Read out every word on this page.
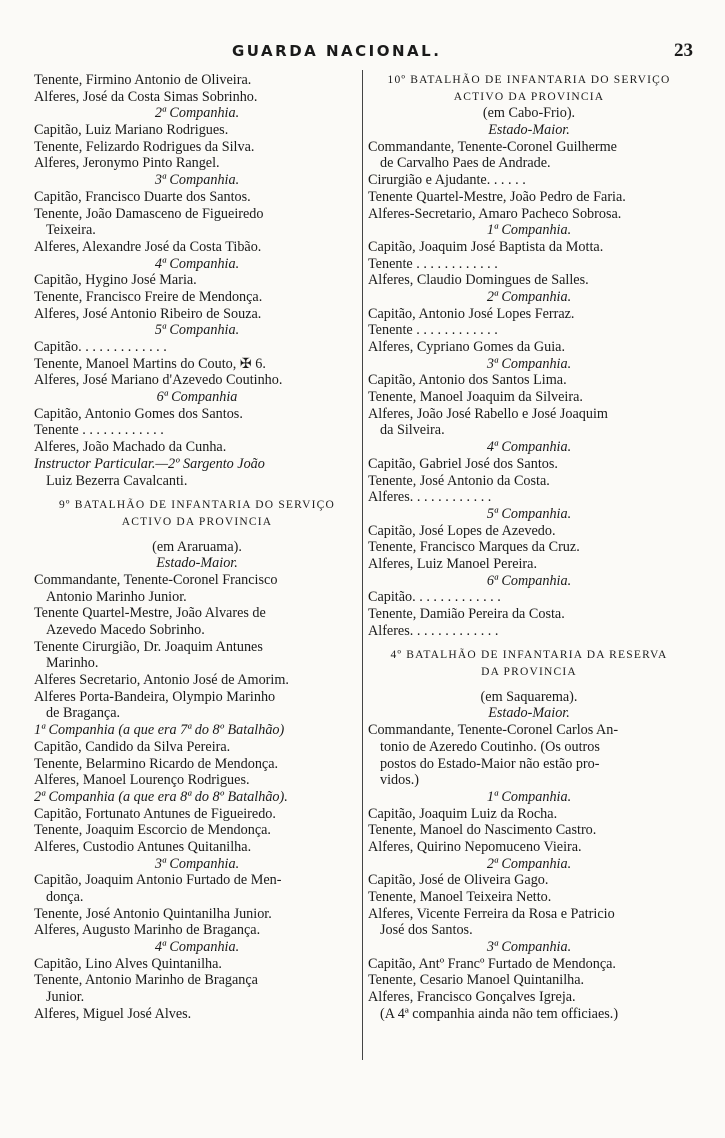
GUARDA NACIONAL.	23
Tenente, Firmino Antonio de Oliveira.
Alferes, José da Costa Simas Sobrinho.
2ª Companhia.
Capitão, Luiz Mariano Rodrigues.
Tenente, Felizardo Rodrigues da Silva.
Alferes, Jeronymo Pinto Rangel.
3ª Companhia.
Capitão, Francisco Duarte dos Santos.
Tenente, João Damasceno de Figueiredo
Teixeira.
Alferes, Alexandre José da Costa Tibão.
4ª Companhia.
Capitão, Hygino José Maria.
Tenente, Francisco Freire de Mendonça.
Alferes, José Antonio Ribeiro de Souza.
5ª Companhia.
Capitão. . . . . . . . . . . . .
Tenente, Manoel Martins do Couto, ✠ 6.
Alferes, José Mariano d'Azevedo Coutinho.
6ª Companhia
Capitão, Antonio Gomes dos Santos.
Tenente . . . . . . . . . . . .
Alferes, João Machado da Cunha.
Instructor Particular.—2º Sargento João
Luiz Bezerra Cavalcanti.
9º BATALHÃO DE INFANTARIA DO SERVIÇO
ACTIVO DA PROVINCIA
(em Araruama).
Estado-Maior.
Commandante, Tenente-Coronel Francisco
Antonio Marinho Junior.
Tenente Quartel-Mestre, João Alvares de
Azevedo Macedo Sobrinho.
Tenente Cirurgião, Dr. Joaquim Antunes
Marinho.
Alferes Secretario, Antonio José de Amorim.
Alferes Porta-Bandeira, Olympio Marinho
de Bragança.
1ª Companhia (a que era 7ª do 8º Batalhão)
Capitão, Candido da Silva Pereira.
Tenente, Belarmino Ricardo de Mendonça.
Alferes, Manoel Lourenço Rodrigues.
2ª Companhia (a que era 8ª do 8º Batalhão).
Capitão, Fortunato Antunes de Figueiredo.
Tenente, Joaquim Escorcio de Mendonça.
Alferes, Custodio Antunes Quitanilha.
3ª Companhia.
Capitão, Joaquim Antonio Furtado de Men-
donça.
Tenente, José Antonio Quintanilha Junior.
Alferes, Augusto Marinho de Bragança.
4ª Companhia.
Capitão, Lino Alves Quintanilha.
Tenente, Antonio Marinho de Bragança
Junior.
Alferes, Miguel José Alves.
10º BATALHÃO DE INFANTARIA DO SERVIÇO
ACTIVO DA PROVINCIA
(em Cabo-Frio).
Estado-Maior.
Commandante, Tenente-Coronel Guilherme
de Carvalho Paes de Andrade.
Cirurgião e Ajudante. . . . . .
Tenente Quartel-Mestre, João Pedro de Faria.
Alferes-Secretario, Amaro Pacheco Sobrosa.
1ª Companhia.
Capitão, Joaquim José Baptista da Motta.
Tenente . . . . . . . . . . . .
Alferes, Claudio Domingues de Salles.
2ª Companhia.
Capitão, Antonio José Lopes Ferraz.
Tenente . . . . . . . . . . . .
Alferes, Cypriano Gomes da Guia.
3ª Companhia.
Capitão, Antonio dos Santos Lima.
Tenente, Manoel Joaquim da Silveira.
Alferes, João José Rabello e José Joaquim
da Silveira.
4ª Companhia.
Capitão, Gabriel José dos Santos.
Tenente, José Antonio da Costa.
Alferes. . . . . . . . . . . .
5ª Companhia.
Capitão, José Lopes de Azevedo.
Tenente, Francisco Marques da Cruz.
Alferes, Luiz Manoel Pereira.
6ª Companhia.
Capitão. . . . . . . . . . . . .
Tenente, Damião Pereira da Costa.
Alferes. . . . . . . . . . . . .
4º BATALHÃO DE INFANTARIA DA RESERVA
DA PROVINCIA
(em Saquarema).
Estado-Maior.
Commandante, Tenente-Coronel Carlos An-
tonio de Azeredo Coutinho. (Os outros
postos do Estado-Maior não estão pro-
vidos.)
1ª Companhia.
Capitão, Joaquim Luiz da Rocha.
Tenente, Manoel do Nascimento Castro.
Alferes, Quirino Nepomuceno Vieira.
2ª Companhia.
Capitão, José de Oliveira Gago.
Tenente, Manoel Teixeira Netto.
Alferes, Vicente Ferreira da Rosa e Patricio
José dos Santos.
3ª Companhia.
Capitão, Antº Francº Furtado de Mendonça.
Tenente, Cesario Manoel Quintanilha.
Alferes, Francisco Gonçalves Igreja.
(A 4ª companhia ainda não tem officiaes.)
